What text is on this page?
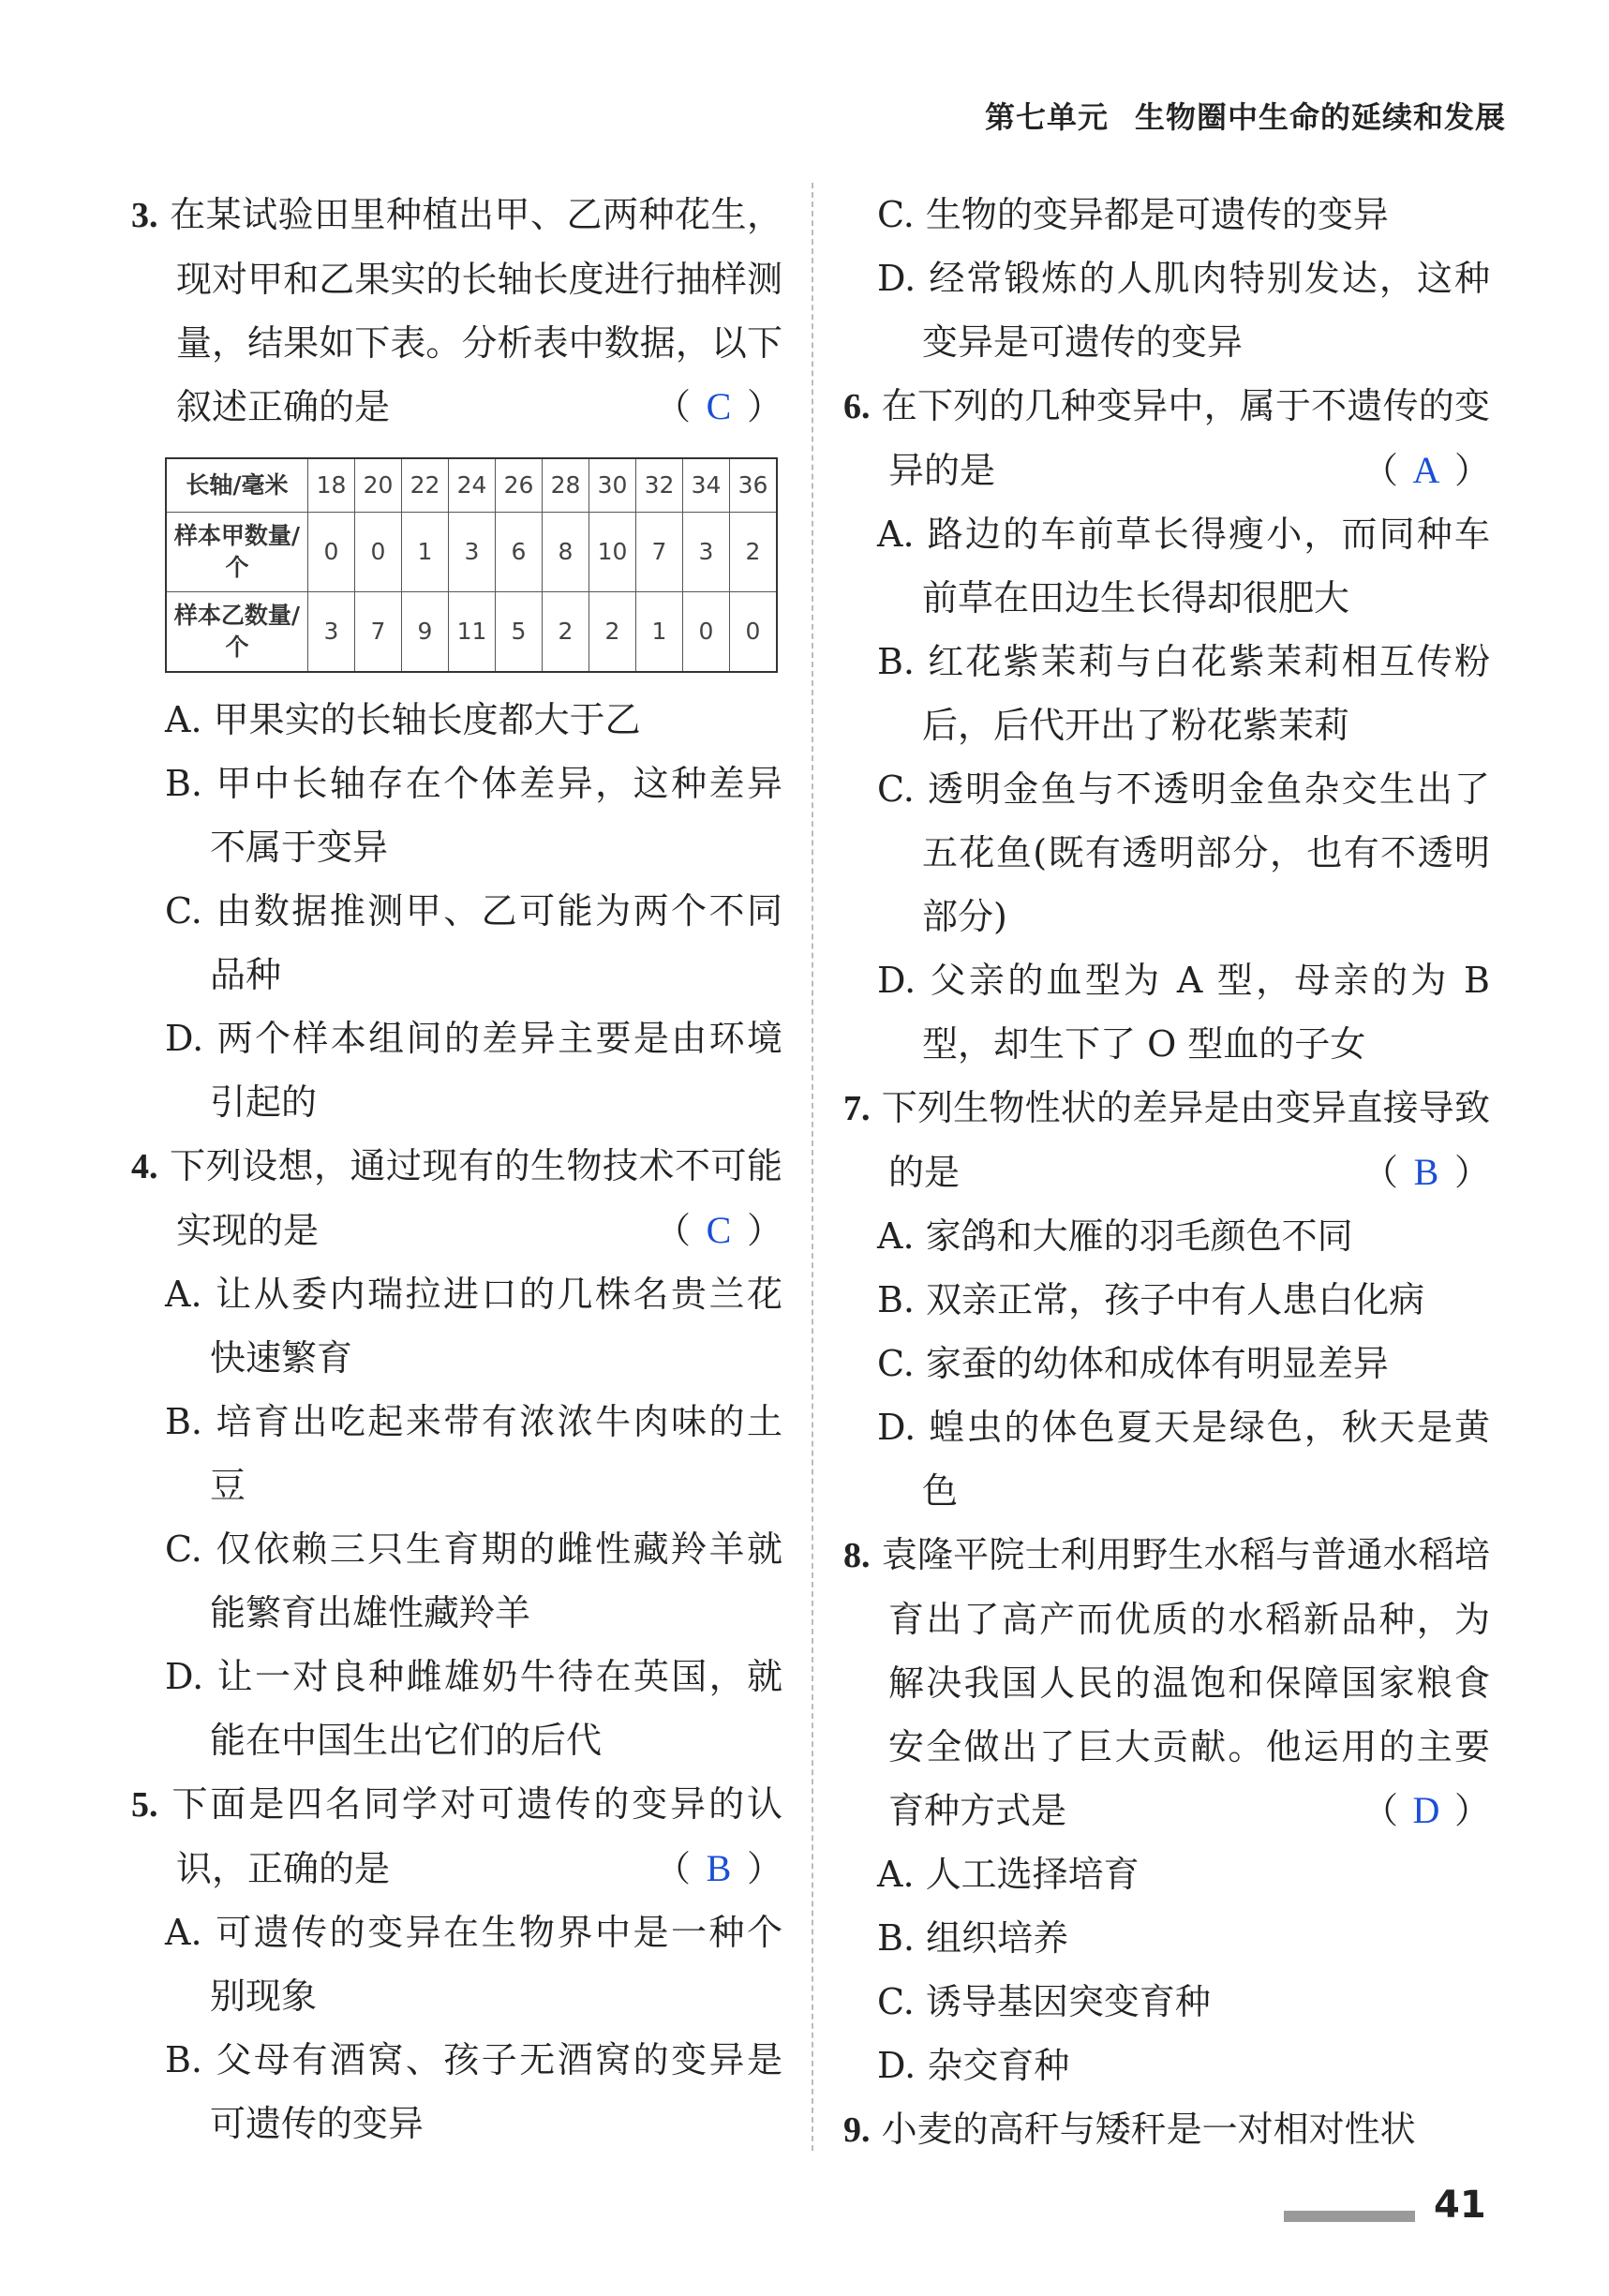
第七单元 生物圈中生命的延续和发展
3. 在某试验田里种植出甲、乙两种花生，现对甲和乙果实的长轴长度进行抽样测量，结果如下表。分析表中数据，以下叙述正确的是	（ C ）
长轴/毫米	18	20	22	24	26	28	30	32	34	36
样本甲数量/个	0	0	1	3	6	8	10	7	3	2
样本乙数量/个	3	7	9	11	5	2	2	1	0	0
A. 甲果实的长轴长度都大于乙
B. 甲中长轴存在个体差异，这种差异不属于变异
C. 由数据推测甲、乙可能为两个不同品种
D. 两个样本组间的差异主要是由环境引起的
4. 下列设想，通过现有的生物技术不可能实现的是	（ C ）
A. 让从委内瑞拉进口的几株名贵兰花快速繁育
B. 培育出吃起来带有浓浓牛肉味的土豆
C. 仅依赖三只生育期的雌性藏羚羊就能繁育出雄性藏羚羊
D. 让一对良种雌雄奶牛待在英国，就能在中国生出它们的后代
5. 下面是四名同学对可遗传的变异的认识，正确的是	（ B ）
A. 可遗传的变异在生物界中是一种个别现象
B. 父母有酒窝、孩子无酒窝的变异是可遗传的变异
C. 生物的变异都是可遗传的变异
D. 经常锻炼的人肌肉特别发达，这种变异是可遗传的变异
6. 在下列的几种变异中，属于不遗传的变异的是	（ A ）
A. 路边的车前草长得瘦小，而同种车前草在田边生长得却很肥大
B. 红花紫茉莉与白花紫茉莉相互传粉后，后代开出了粉花紫茉莉
C. 透明金鱼与不透明金鱼杂交生出了五花鱼(既有透明部分，也有不透明部分)
D. 父亲的血型为 A 型，母亲的为 B 型，却生下了 O 型血的子女
7. 下列生物性状的差异是由变异直接导致的是	（ B ）
A. 家鸽和大雁的羽毛颜色不同
B. 双亲正常，孩子中有人患白化病
C. 家蚕的幼体和成体有明显差异
D. 蝗虫的体色夏天是绿色，秋天是黄色
8. 袁隆平院士利用野生水稻与普通水稻培育出了高产而优质的水稻新品种，为解决我国人民的温饱和保障国家粮食安全做出了巨大贡献。他运用的主要育种方式是	（ D ）
A. 人工选择培育
B. 组织培养
C. 诱导基因突变育种
D. 杂交育种
9. 小麦的高秆与矮秆是一对相对性状
41
